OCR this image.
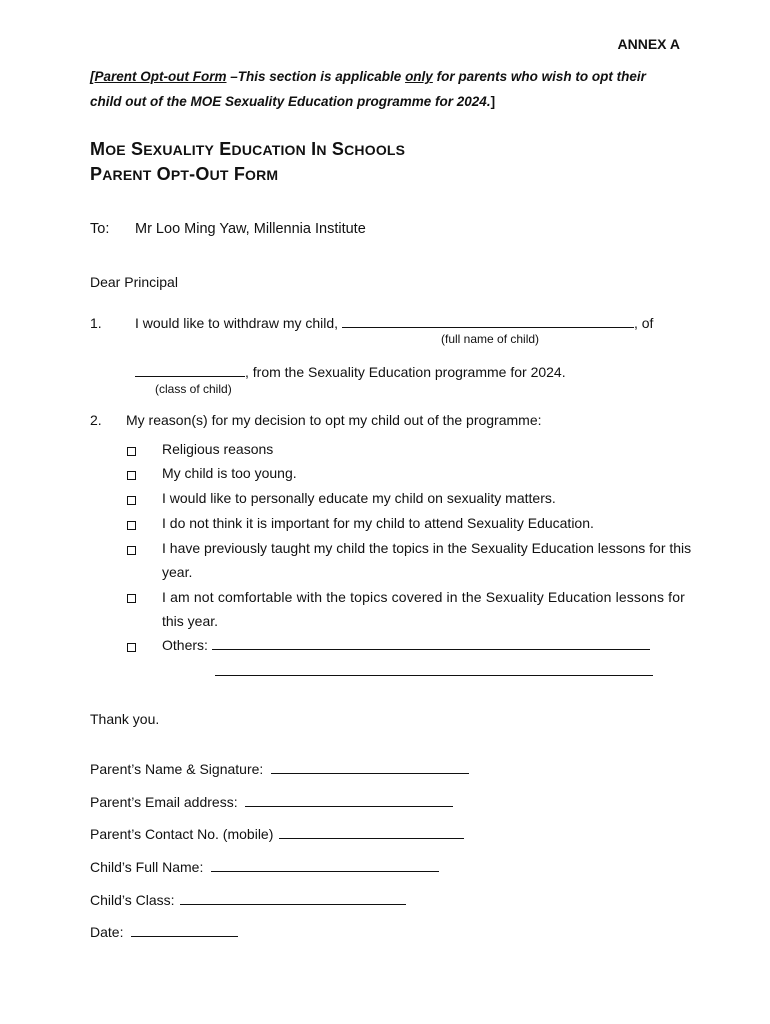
ANNEX A
[Parent Opt-out Form –This section is applicable only for parents who wish to opt their
child out of the MOE Sexuality Education programme for 2024.]
MOE SEXUALITY EDUCATION IN SCHOOLS
PARENT OPT-OUT FORM
To: Mr Loo Ming Yaw, Millennia Institute
Dear Principal
1. I would like to withdraw my child,	, of
(full name of child)
, from the Sexuality Education programme for 2024.
(class of child)
2. My reason(s) for my decision to opt my child out of the programme:
Religious reasons
My child is too young.
I would like to personally educate my child on sexuality matters.
I do not think it is important for my child to attend Sexuality Education.
I have previously taught my child the topics in the Sexuality Education lessons for this
year.
I am not comfortable with the topics covered in the Sexuality Education lessons for
this year.
Others:
Thank you.
Parent’s Name & Signature:
Parent’s Email address:
Parent’s Contact No. (mobile)
Child’s Full Name:
Child’s Class:
Date:
